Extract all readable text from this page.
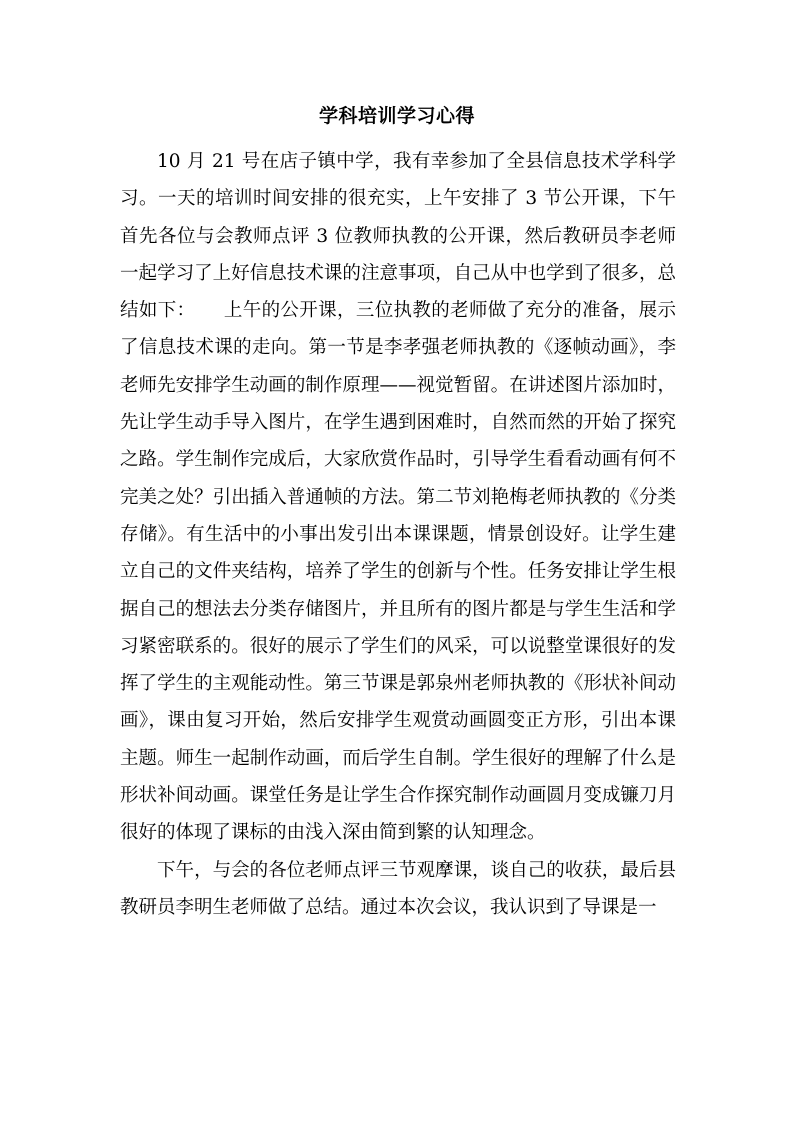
学科培训学习心得

10 月 21 号在店子镇中学，我有幸参加了全县信息技术学科学习。一天的培训时间安排的很充实，上午安排了 3 节公开课，下午首先各位与会教师点评 3 位教师执教的公开课，然后教研员李老师一起学习了上好信息技术课的注意事项，自己从中也学到了很多，总结如下：　　上午的公开课，三位执教的老师做了充分的准备，展示了信息技术课的走向。第一节是李孝强老师执教的《逐帧动画》，李老师先安排学生动画的制作原理——视觉暂留。在讲述图片添加时，先让学生动手导入图片，在学生遇到困难时，自然而然的开始了探究之路。学生制作完成后，大家欣赏作品时，引导学生看看动画有何不完美之处？引出插入普通帧的方法。第二节刘艳梅老师执教的《分类存储》。有生活中的小事出发引出本课课题，情景创设好。让学生建立自己的文件夹结构，培养了学生的创新与个性。任务安排让学生根据自己的想法去分类存储图片，并且所有的图片都是与学生生活和学习紧密联系的。很好的展示了学生们的风采，可以说整堂课很好的发挥了学生的主观能动性。第三节课是郭泉州老师执教的《形状补间动画》，课由复习开始，然后安排学生观赏动画圆变正方形，引出本课主题。师生一起制作动画，而后学生自制。学生很好的理解了什么是形状补间动画。课堂任务是让学生合作探究制作动画圆月变成镰刀月很好的体现了课标的由浅入深由简到繁的认知理念。

下午，与会的各位老师点评三节观摩课，谈自己的收获，最后县教研员李明生老师做了总结。通过本次会议，我认识到了导课是一
